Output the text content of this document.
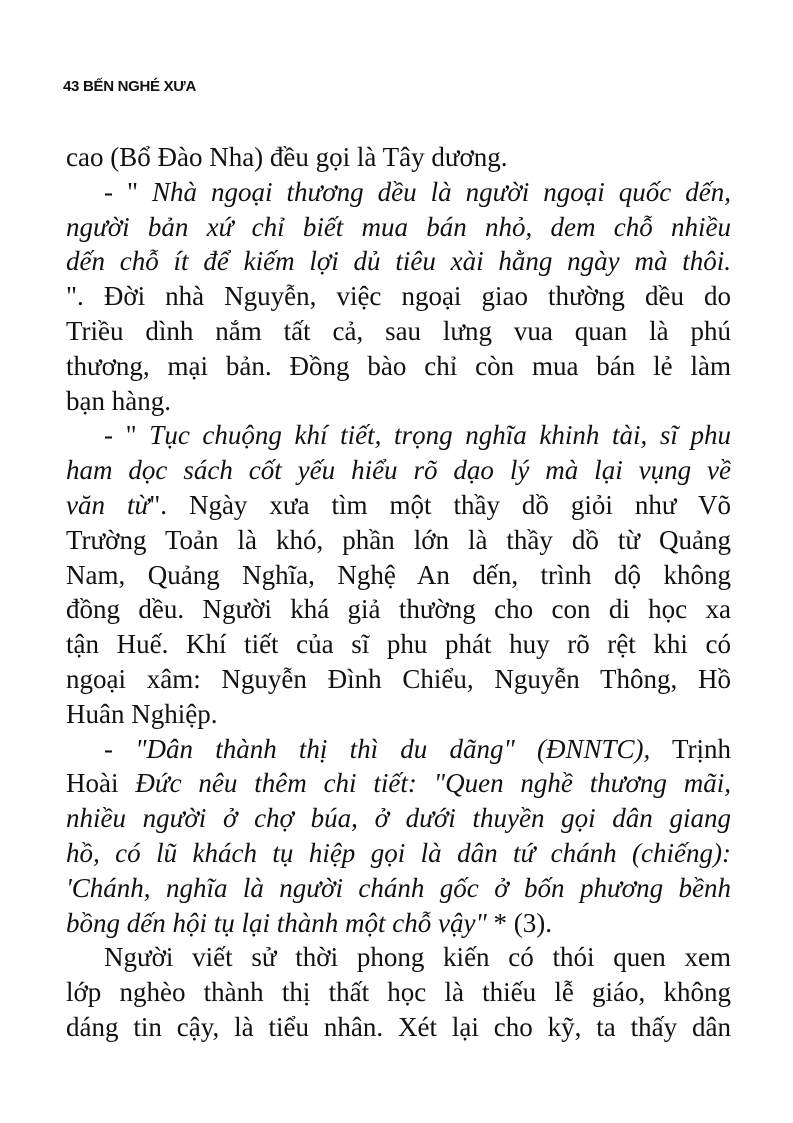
43 BẾN NGHÉ XƯA
cao (Bổ Đào Nha) đều gọi là Tây dương.
- " Nhà ngoại thương dều là người ngoại quốc dến,
người bản xứ chỉ biết mua bán nhỏ, dem chỗ nhiều
dến chỗ ít để kiếm lợi dủ tiêu xài hằng ngày mà thôi.
". Đời nhà Nguyễn, việc ngoại giao thường dều do
Triều dình nắm tất cả, sau lưng vua quan là phú
thương, mại bản. Đồng bào chỉ còn mua bán lẻ làm
bạn hàng.
- " Tục chuộng khí tiết, trọng nghĩa khinh tài, sĩ phu
ham dọc sách cốt yếu hiểu rõ dạo lý mà lại vụng về
văn từ". Ngày xưa tìm một thầy dồ giỏi như Võ
Trường Toản là khó, phần lớn là thầy dồ từ Quảng
Nam, Quảng Nghĩa, Nghệ An dến, trình dộ không
đồng dều. Người khá giả thường cho con di học xa
tận Huế. Khí tiết của sĩ phu phát huy rõ rệt khi có
ngoại xâm: Nguyễn Đình Chiểu, Nguyễn Thông, Hồ
Huân Nghiệp.
- "Dân thành thị thì du dãng" (ĐNNTC), Trịnh
Hoài Đức nêu thêm chi tiết: "Quen nghề thương mãi,
nhiều người ở chợ búa, ở dưới thuyền gọi dân giang
hồ, có lũ khách tụ hiệp gọi là dân tứ chánh (chiếng):
'Chánh, nghĩa là người chánh gốc ở bốn phương bềnh
bồng dến hội tụ lại thành một chỗ vậy" * (3).
Người viết sử thời phong kiến có thói quen xem
lớp nghèo thành thị thất học là thiếu lễ giáo, không
dáng tin cậy, là tiểu nhân. Xét lại cho kỹ, ta thấy dân
